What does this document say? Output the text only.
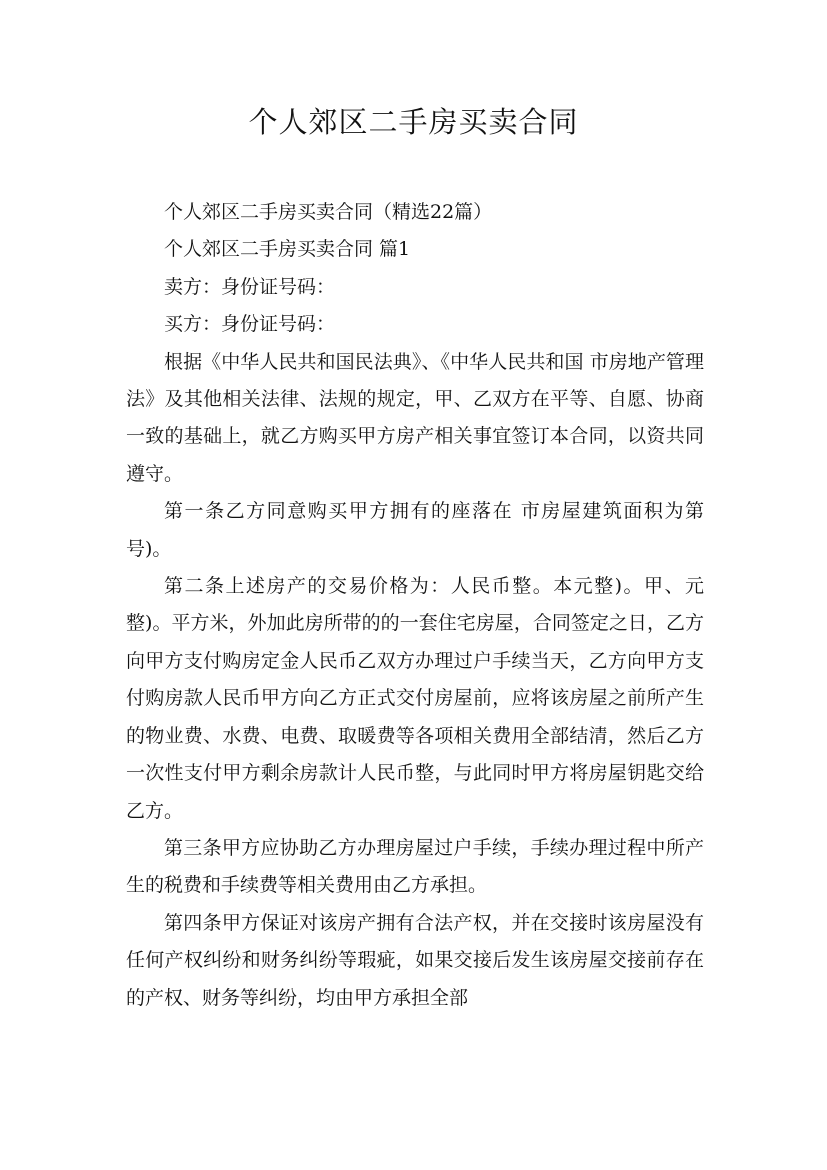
个人郊区二手房买卖合同

个人郊区二手房买卖合同（精选22篇）

个人郊区二手房买卖合同 篇1

卖方：身份证号码：

买方：身份证号码：

根据《中华人民共和国民法典》、《中华人民共和国 市房地产管理法》及其他相关法律、法规的规定，甲、乙双方在平等、自愿、协商一致的基础上，就乙方购买甲方房产相关事宜签订本合同，以资共同遵守。

第一条乙方同意购买甲方拥有的座落在 市房屋建筑面积为第号)。

第二条上述房产的交易价格为：人民币整。本元整)。甲、元整)。平方米，外加此房所带的的一套住宅房屋，合同签定之日，乙方向甲方支付购房定金人民币乙双方办理过户手续当天，乙方向甲方支付购房款人民币甲方向乙方正式交付房屋前，应将该房屋之前所产生的物业费、水费、电费、取暖费等各项相关费用全部结清，然后乙方一次性支付甲方剩余房款计人民币整，与此同时甲方将房屋钥匙交给乙方。

第三条甲方应协助乙方办理房屋过户手续，手续办理过程中所产生的税费和手续费等相关费用由乙方承担。

第四条甲方保证对该房产拥有合法产权，并在交接时该房屋没有任何产权纠纷和财务纠纷等瑕疵，如果交接后发生该房屋交接前存在的产权、财务等纠纷，均由甲方承担全部
